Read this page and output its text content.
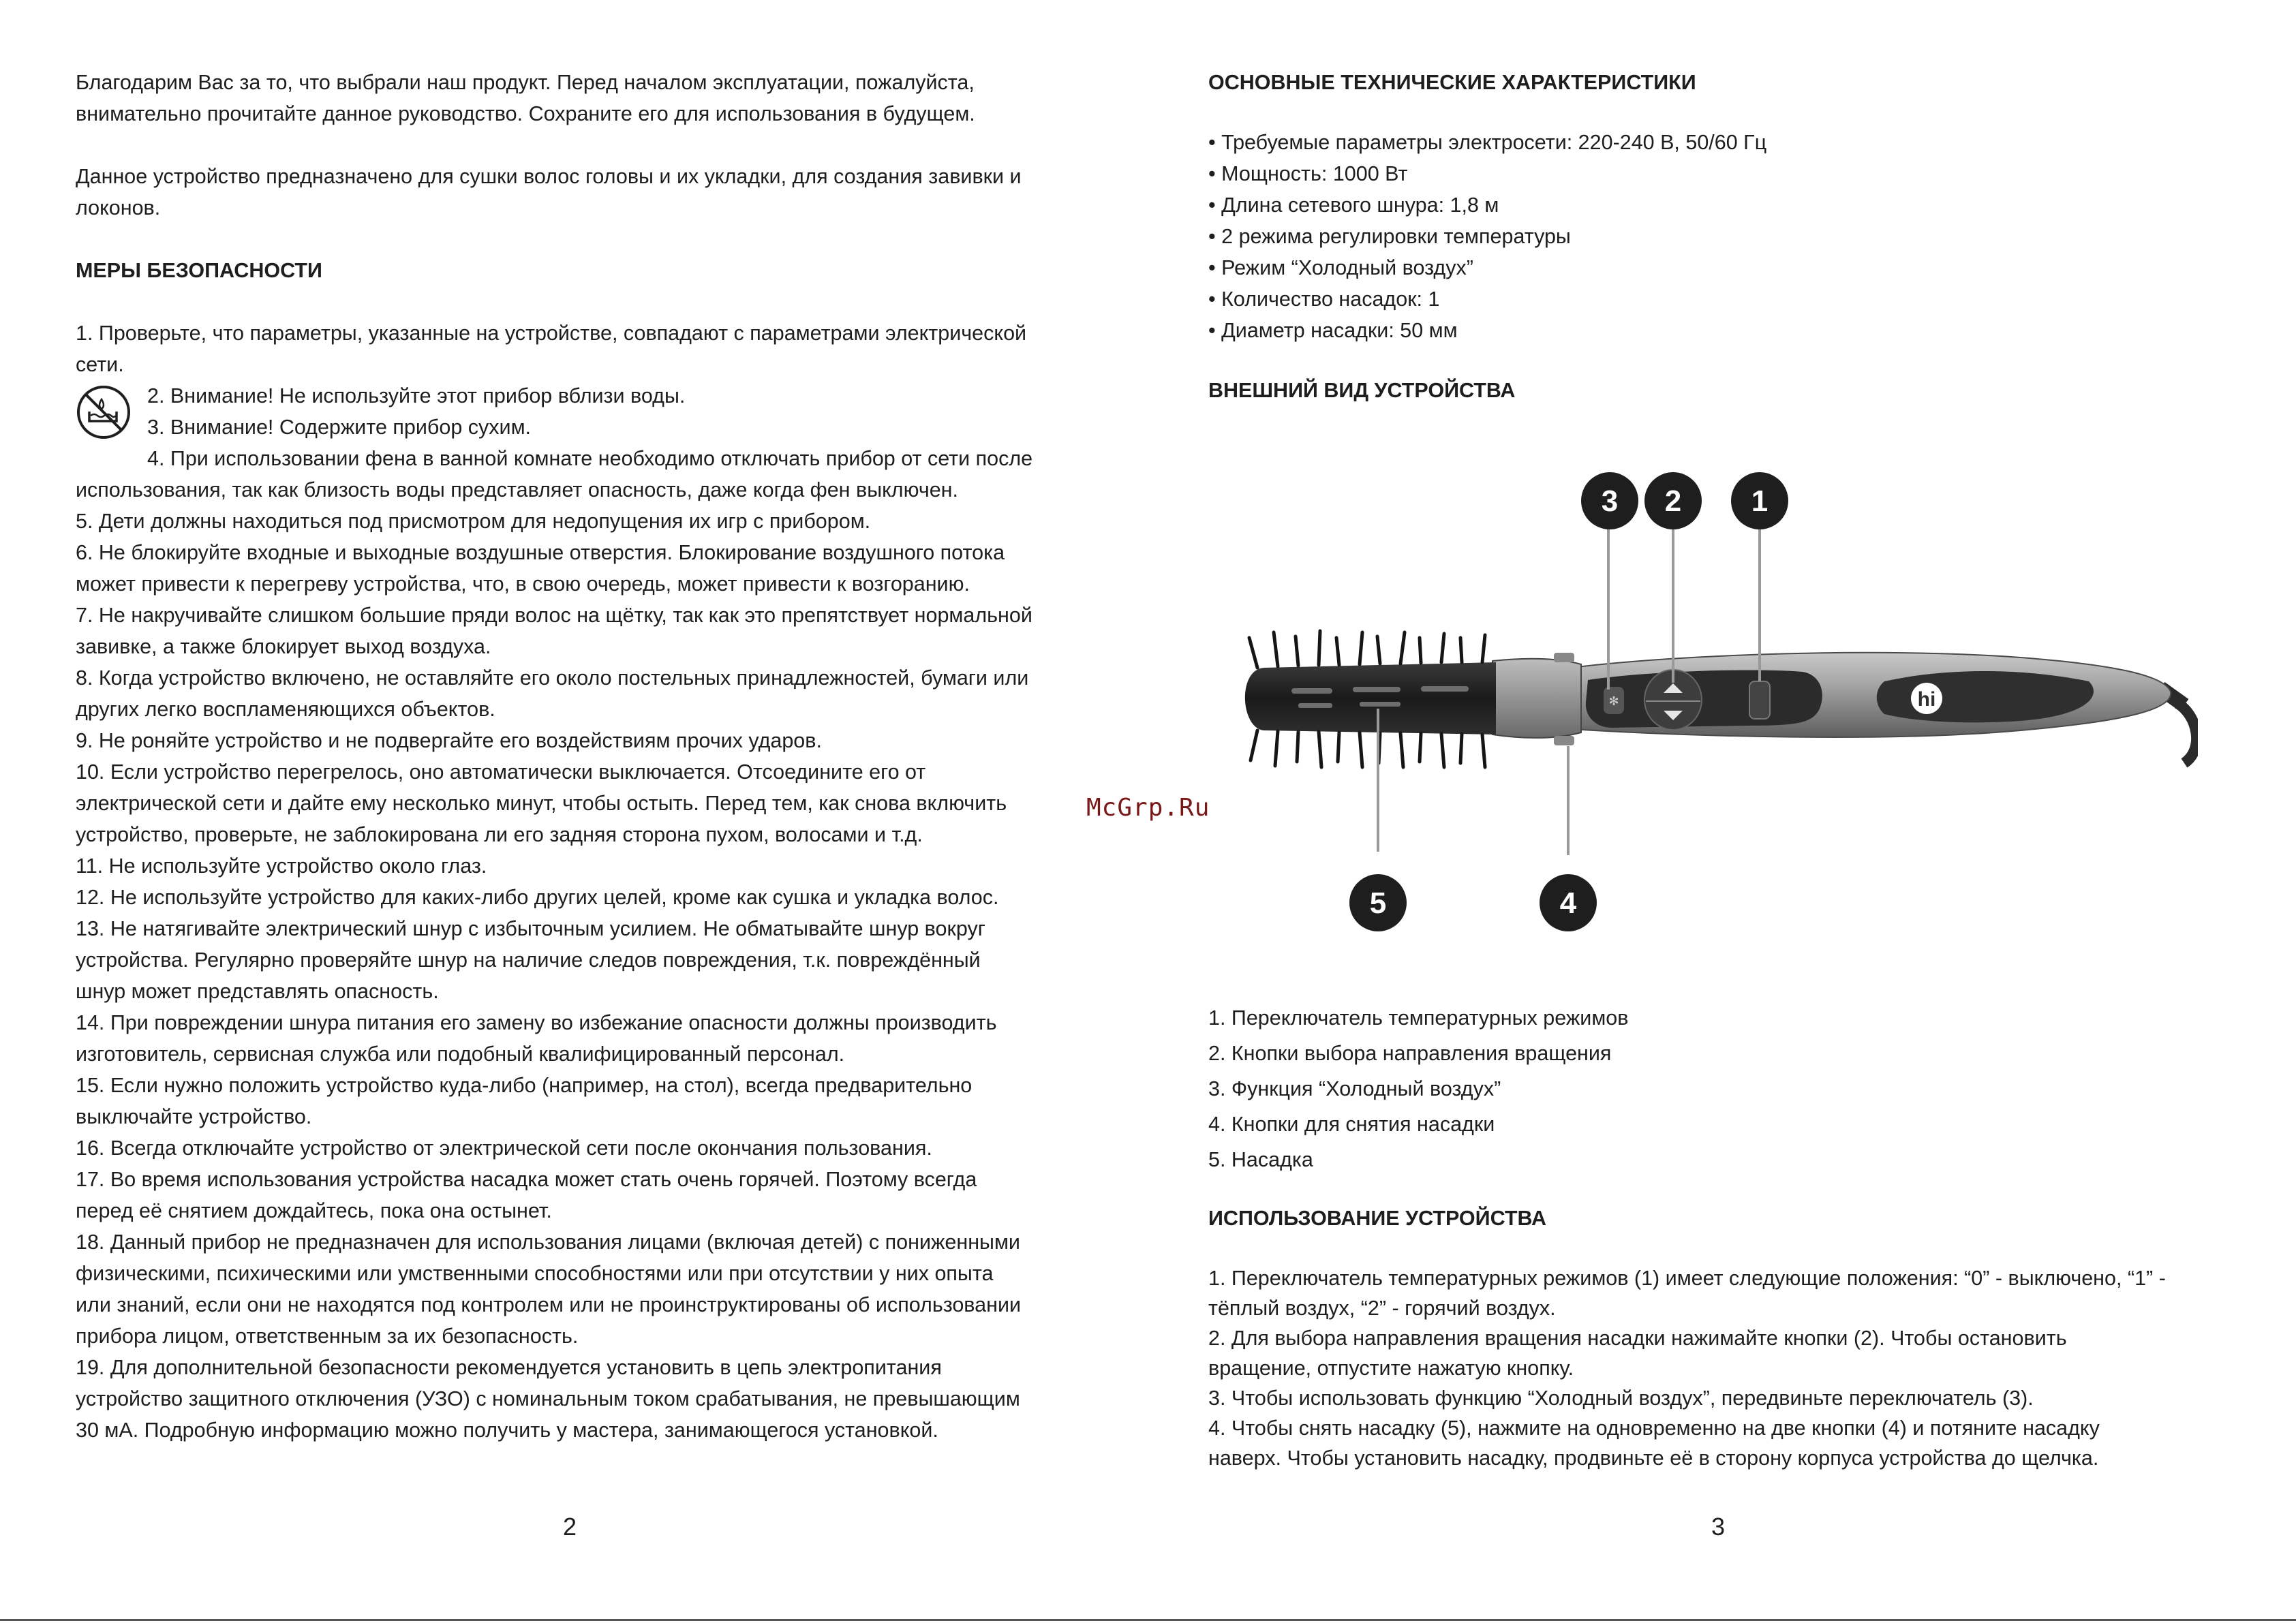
Благодарим Вас за то, что выбрали наш продукт. Перед началом эксплуатации, пожалуйста,

внимательно прочитайте данное руководство. Сохраните его для использования в будущем.

Данное устройство предназначено для сушки волос головы и их укладки, для создания завивки и

локонов.

МЕРЫ БЕЗОПАСНОСТИ

1. Проверьте, что параметры, указанные на устройстве, совпадают с параметрами электрической

сети.

2. Внимание! Не используйте этот прибор вблизи воды.

3. Внимание! Содержите прибор сухим.

4. При использовании фена в ванной комнате необходимо отключать прибор от сети после

использования, так как близость воды представляет опасность, даже когда фен выключен.

5. Дети должны находиться под присмотром для недопущения их игр с прибором.

6. Не блокируйте входные и выходные воздушные отверстия. Блокирование воздушного потока

может привести к перегреву устройства, что, в свою очередь, может привести к возгоранию.

7. Не накручивайте слишком большие пряди волос на щётку, так как это препятствует нормальной

завивке, а также блокирует выход воздуха.

8. Когда устройство включено, не оставляйте его около постельных принадлежностей, бумаги или

других легко воспламеняющихся объектов.

9. Не роняйте устройство и не подвергайте его воздействиям прочих ударов.

10. Если устройство перегрелось, оно автоматически выключается. Отсоедините его от

электрической сети и дайте ему несколько минут, чтобы остыть. Перед тем, как снова включить

устройство, проверьте, не заблокирована ли его задняя сторона пухом, волосами и т.д.

11. Не используйте устройство около глаз.

12. Не используйте устройство для каких-либо других целей, кроме как сушка и укладка волос.

13. Не натягивайте электрический шнур с избыточным усилием. Не обматывайте шнур вокруг

устройства. Регулярно проверяйте шнур на наличие следов повреждения, т.к. повреждённый

шнур может представлять опасность.

14. При повреждении шнура питания его замену во избежание опасности должны производить

изготовитель, сервисная служба или подобный квалифицированный персонал.

15. Если нужно положить устройство куда-либо (например, на стол), всегда предварительно

выключайте устройство.

16. Всегда отключайте устройство от электрической сети после окончания пользования.

17. Во время использования устройства насадка может стать очень горячей. Поэтому всегда

перед её снятием дождайтесь, пока она остынет.

18. Данный прибор не предназначен для использования лицами (включая детей) с пониженными

физическими, психическими или умственными способностями или при отсутствии у них опыта

или знаний, если они не находятся под контролем или не проинструктированы об использовании

прибора лицом, ответственным за их безопасность.

19. Для дополнительной безопасности рекомендуется установить в цепь электропитания

устройство защитного отключения (УЗО) с номинальным током срабатывания, не превышающим

30 мА. Подробную информацию можно получить у мастера, занимающегося установкой.

2

ОСНОВНЫЕ ТЕХНИЧЕСКИЕ ХАРАКТЕРИСТИКИ

• Требуемые параметры электросети: 220-240 В, 50/60 Гц

• Мощность: 1000 Вт

• Длина сетевого шнура: 1,8 м

• 2 режима регулировки температуры

• Режим “Холодный воздух”

• Количество насадок: 1

• Диаметр насадки: 50 мм

ВНЕШНИЙ ВИД УСТРОЙСТВА

hi
✻
3 2 1
5	4
McGrp.Ru

1. Переключатель температурных режимов

2. Кнопки выбора направления вращения

3. Функция “Холодный воздух”

4. Кнопки для снятия насадки

5. Насадка

ИСПОЛЬЗОВАНИЕ УСТРОЙСТВА

1. Переключатель температурных режимов (1) имеет следующие положения: “0” - выключено, “1” -

тёплый воздух, “2” - горячий воздух.

2. Для выбора направления вращения насадки нажимайте кнопки (2). Чтобы остановить

вращение, отпустите нажатую кнопку.

3. Чтобы использовать функцию “Холодный воздух”, передвиньте переключатель (3).

4. Чтобы снять насадку (5), нажмите на одновременно на две кнопки (4) и потяните насадку

наверх. Чтобы установить насадку, продвиньте её в сторону корпуса устройства до щелчка.

3
